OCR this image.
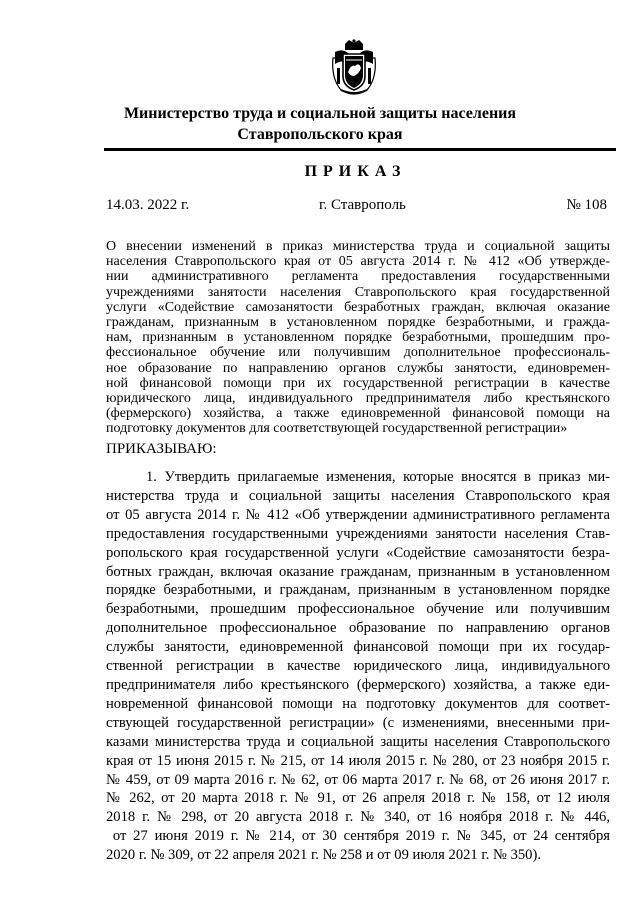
Министерство труда и социальной защиты населения
Ставропольского края
ПРИКАЗ
14.03. 2022 г.	г. Ставрополь	№ 108
О внесении изменений в приказ министерства труда и социальной защиты
населения Ставропольского края от 05 августа 2014 г. № 412 «Об утвержде-
нии административного регламента предоставления государственными
учреждениями занятости населения Ставропольского края государственной
услуги «Содействие самозанятости безработных граждан, включая оказание
гражданам, признанным в установленном порядке безработными, и гражда-
нам, признанным в установленном порядке безработными, прошедшим про-
фессиональное обучение или получившим дополнительное профессиональ-
ное образование по направлению органов службы занятости, единовремен-
ной финансовой помощи при их государственной регистрации в качестве
юридического лица, индивидуального предпринимателя либо крестьянского
(фермерского) хозяйства, а также единовременной финансовой помощи на
подготовку документов для соответствующей государственной регистрации»
ПРИКАЗЫВАЮ:
1. Утвердить прилагаемые изменения, которые вносятся в приказ ми-
нистерства труда и социальной защиты населения Ставропольского края
от 05 августа 2014 г. № 412 «Об утверждении административного регламента
предоставления государственными учреждениями занятости населения Став-
ропольского края государственной услуги «Содействие самозанятости безра-
ботных граждан, включая оказание гражданам, признанным в установленном
порядке безработными, и гражданам, признанным в установленном порядке
безработными, прошедшим профессиональное обучение или получившим
дополнительное профессиональное образование по направлению органов
службы занятости, единовременной финансовой помощи при их государ-
ственной регистрации в качестве юридического лица, индивидуального
предпринимателя либо крестьянского (фермерского) хозяйства, а также еди-
новременной финансовой помощи на подготовку документов для соответ-
ствующей государственной регистрации» (с изменениями, внесенными при-
казами министерства труда и социальной защиты населения Ставропольского
края от 15 июня 2015 г. № 215, от 14 июля 2015 г. № 280, от 23 ноября 2015 г.
№ 459, от 09 марта 2016 г. № 62, от 06 марта 2017 г. № 68, от 26 июня 2017 г.
№ 262, от 20 марта 2018 г. № 91, от 26 апреля 2018 г. № 158, от 12 июля
2018 г. № 298, от 20 августа 2018 г. № 340, от 16 ноября 2018 г. № 446,
от 27 июня 2019 г. № 214, от 30 сентября 2019 г. № 345, от 24 сентября
2020 г. № 309, от 22 апреля 2021 г. № 258 и от 09 июля 2021 г. № 350).
